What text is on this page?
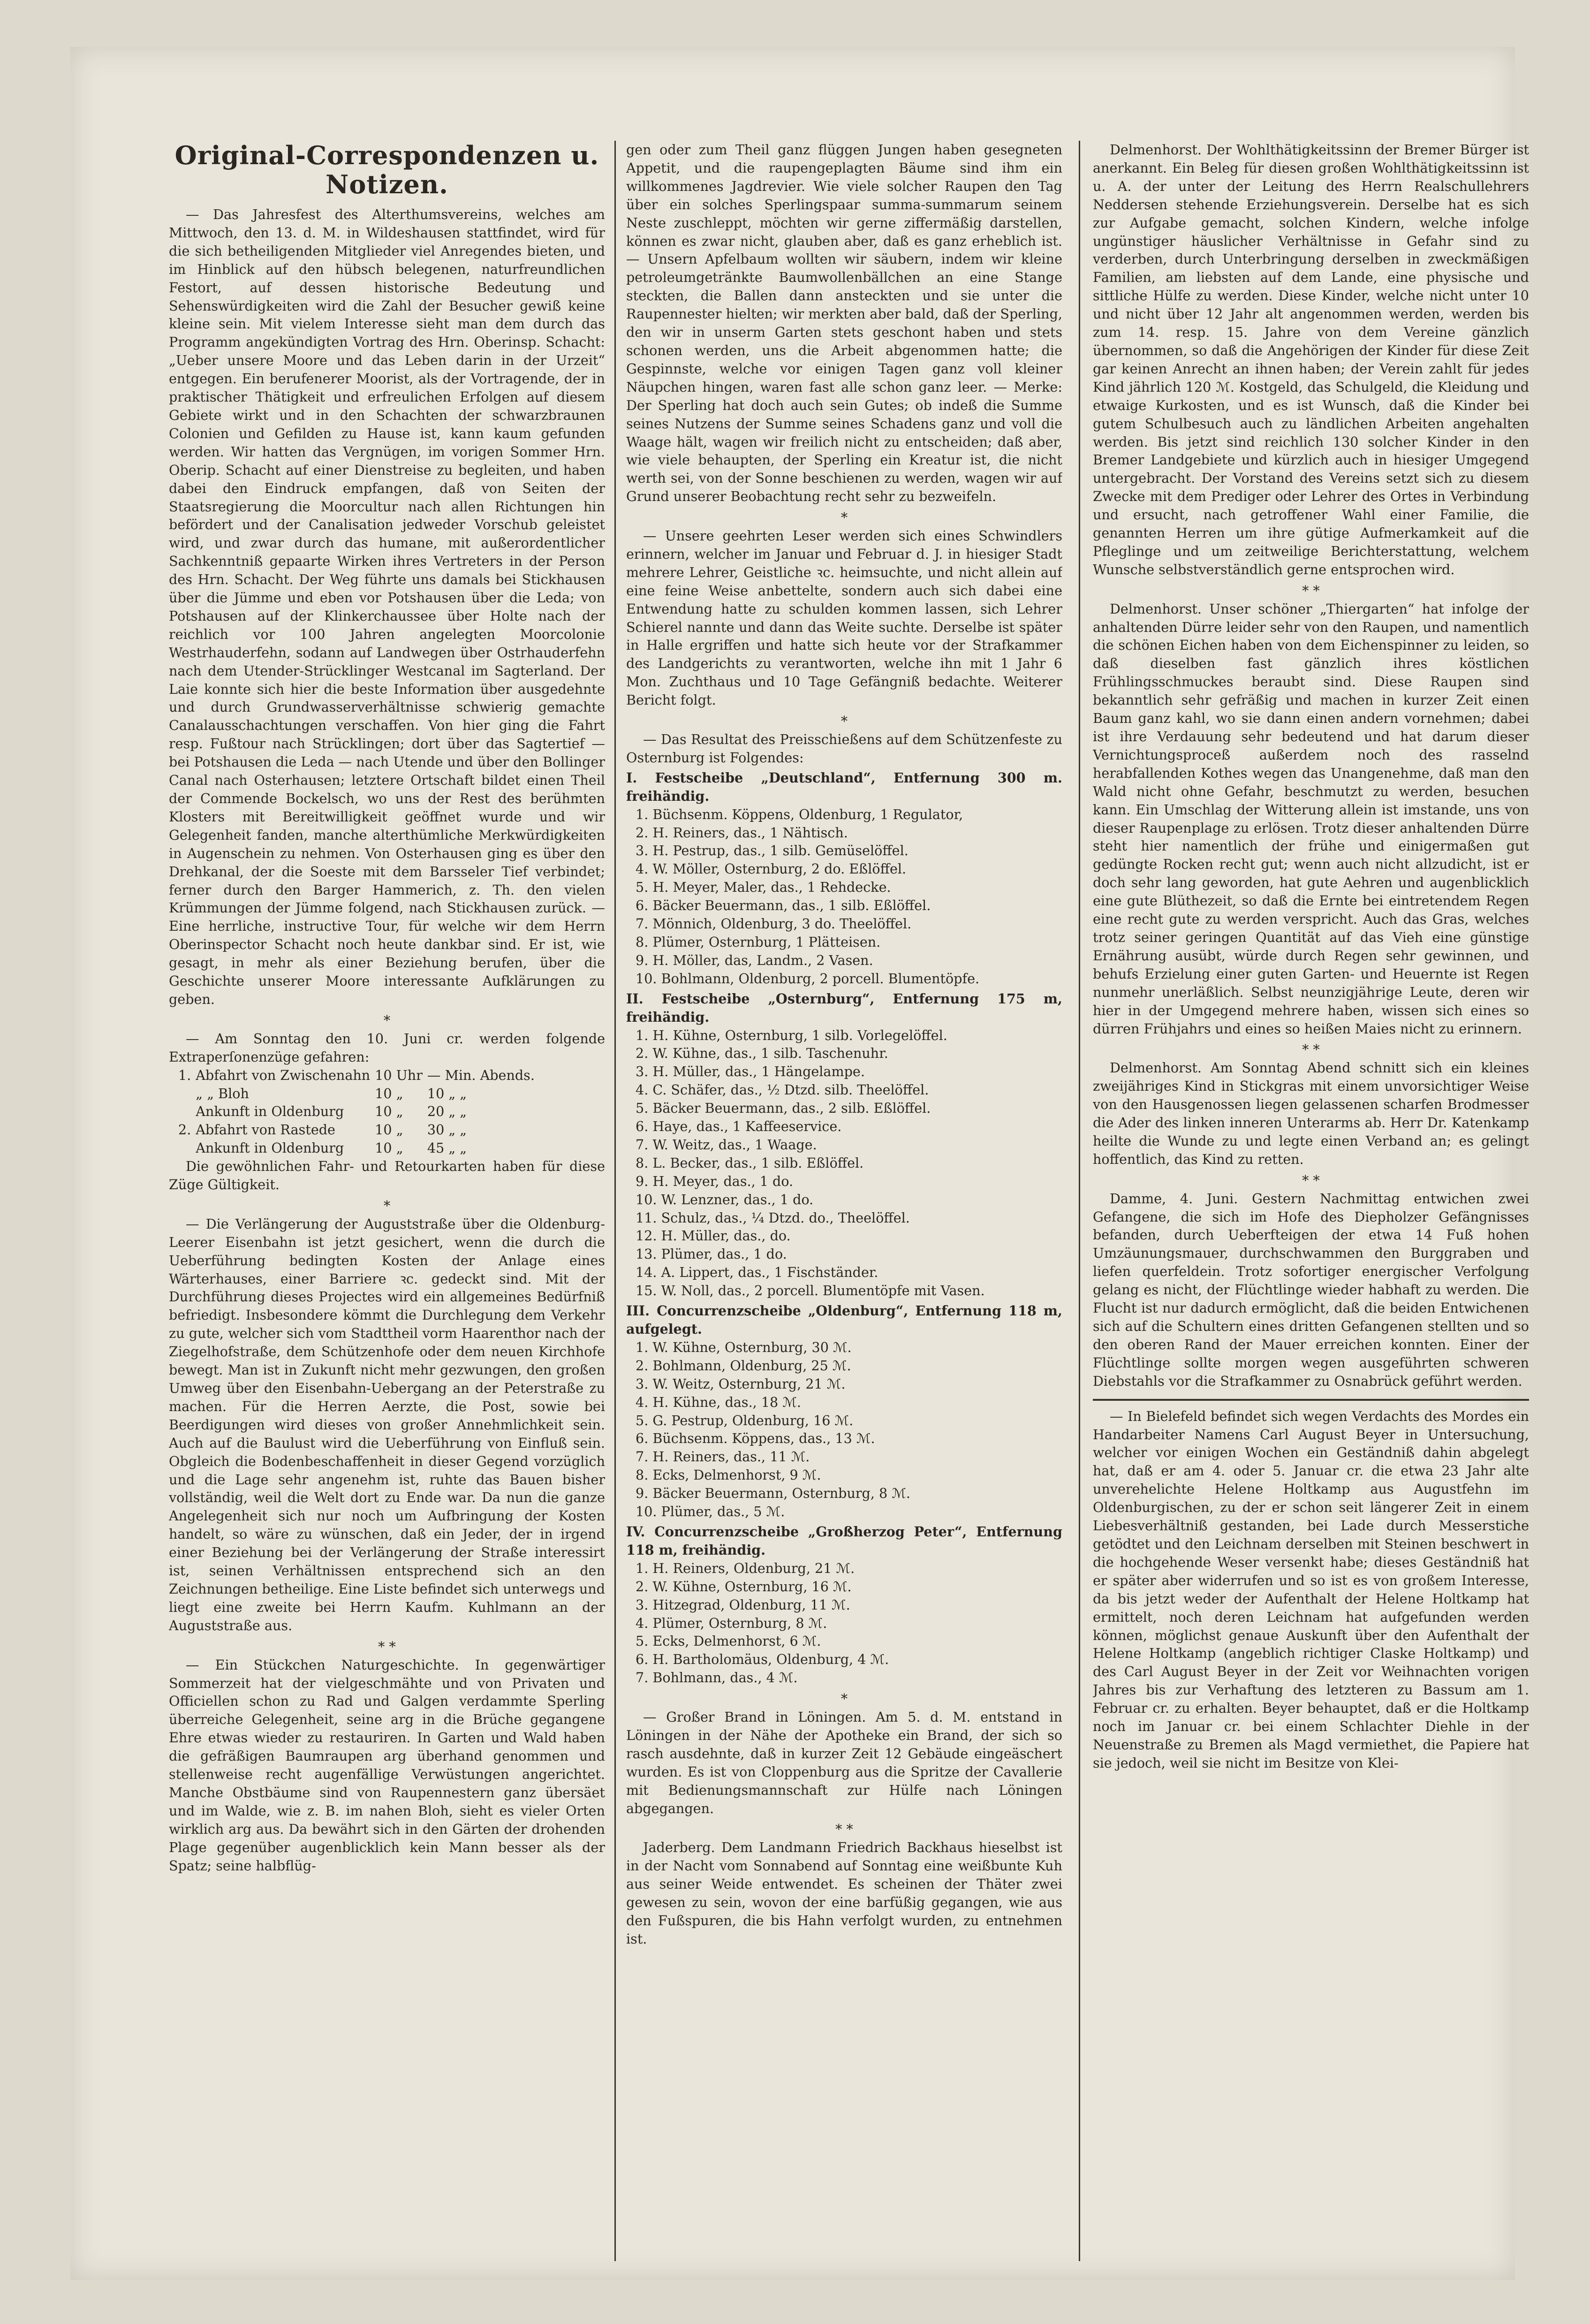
Original-Correspondenzen u. Notizen.

— Das Jahresfest des Alterthumsvereins, welches am Mittwoch, den 13. d. M. in Wildeshausen stattfindet, wird für die sich betheiligenden Mitglieder viel Anregendes bieten, und im Hinblick auf den hübsch belegenen, naturfreundlichen Festort, auf dessen historische Bedeutung und Sehenswürdigkeiten wird die Zahl der Besucher gewiß keine kleine sein. Mit vielem Interesse sieht man dem durch das Programm angekündigten Vortrag des Hrn. Oberinsp. Schacht: „Ueber unsere Moore und das Leben darin in der Urzeit“ entgegen. Ein berufenerer Moorist, als der Vortragende, der in praktischer Thätigkeit und erfreulichen Erfolgen auf diesem Gebiete wirkt und in den Schachten der schwarzbraunen Colonien und Gefilden zu Hause ist, kann kaum gefunden werden. Wir hatten das Vergnügen, im vorigen Sommer Hrn. Oberip. Schacht auf einer Dienstreise zu begleiten, und haben dabei den Eindruck empfangen, daß von Seiten der Staatsregierung die Moorcultur nach allen Richtungen hin befördert und der Canalisation jedweder Vorschub geleistet wird, und zwar durch das humane, mit außerordentlicher Sachkenntniß gepaarte Wirken ihres Vertreters in der Person des Hrn. Schacht. Der Weg führte uns damals bei Stickhausen über die Jümme und eben vor Potshausen über die Leda; von Potshausen auf der Klinkerchaussee über Holte nach der reichlich vor 100 Jahren angelegten Moorcolonie Westrhauderfehn, sodann auf Landwegen über Ostrhauderfehn nach dem Utender-Strücklinger Westcanal im Sagterland. Der Laie konnte sich hier die beste Information über ausgedehnte und durch Grundwasserverhältnisse schwierig gemachte Canalausschachtungen verschaffen. Von hier ging die Fahrt resp. Fußtour nach Strücklingen; dort über das Sagtertief — bei Potshausen die Leda — nach Utende und über den Bollinger Canal nach Osterhausen; letztere Ortschaft bildet einen Theil der Commende Bockelsch, wo uns der Rest des berühmten Klosters mit Bereitwilligkeit geöffnet wurde und wir Gelegenheit fanden, manche alterthümliche Merkwürdigkeiten in Augenschein zu nehmen. Von Osterhausen ging es über den Drehkanal, der die Soeste mit dem Barsseler Tief verbindet; ferner durch den Barger Hammerich, z. Th. den vielen Krümmungen der Jümme folgend, nach Stickhausen zurück. — Eine herrliche, instructive Tour, für welche wir dem Herrn Oberinspector Schacht noch heute dankbar sind. Er ist, wie gesagt, in mehr als einer Beziehung berufen, über die Geschichte unserer Moore interessante Aufklärungen zu geben.

*

— Am Sonntag den 10. Juni cr. werden folgende Extraperſonenzüge gefahren:

1.	Abfahrt von Zwischenahn	10 Uhr	— Min. Abends.
	„ „ Bloh	10 „	10 „ „
	Ankunft in Oldenburg	10 „	20 „ „
2.	Abfahrt von Rastede	10 „	30 „ „
	Ankunft in Oldenburg	10 „	45 „ „

Die gewöhnlichen Fahr- und Retourkarten haben für diese Züge Gültigkeit.

*

— Die Verlängerung der Auguststraße über die Oldenburg-Leerer Eisenbahn ist jetzt gesichert, wenn die durch die Ueberführung bedingten Kosten der Anlage eines Wärterhauses, einer Barriere ꝛc. gedeckt sind. Mit der Durchführung dieses Projectes wird ein allgemeines Bedürfniß befriedigt. Insbesondere kömmt die Durchlegung dem Verkehr zu gute, welcher sich vom Stadttheil vorm Haarenthor nach der Ziegelhofstraße, dem Schützenhofe oder dem neuen Kirchhofe bewegt. Man ist in Zukunft nicht mehr gezwungen, den großen Umweg über den Eisenbahn-Uebergang an der Peterstraße zu machen. Für die Herren Aerzte, die Post, sowie bei Beerdigungen wird dieses von großer Annehmlichkeit sein. Auch auf die Baulust wird die Ueberführung von Einfluß sein. Obgleich die Bodenbeschaffenheit in dieser Gegend vorzüglich und die Lage sehr angenehm ist, ruhte das Bauen bisher vollständig, weil die Welt dort zu Ende war. Da nun die ganze Angelegenheit sich nur noch um Aufbringung der Kosten handelt, so wäre zu wünschen, daß ein Jeder, der in irgend einer Beziehung bei der Verlängerung der Straße interessirt ist, seinen Verhältnissen entsprechend sich an den Zeichnungen betheilige. Eine Liste befindet sich unterwegs und liegt eine zweite bei Herrn Kaufm. Kuhlmann an der Auguststraße aus.

* *

— Ein Stückchen Naturgeschichte. In gegenwärtiger Sommerzeit hat der vielgeschmähte und von Privaten und Officiellen schon zu Rad und Galgen verdammte Sperling überreiche Gelegenheit, seine arg in die Brüche gegangene Ehre etwas wieder zu restauriren. In Garten und Wald haben die gefräßigen Baumraupen arg überhand genommen und stellenweise recht augenfällige Verwüstungen angerichtet. Manche Obstbäume sind von Raupennestern ganz übersäet und im Walde, wie z. B. im nahen Bloh, sieht es vieler Orten wirklich arg aus. Da bewährt sich in den Gärten der drohenden Plage gegenüber augenblicklich kein Mann besser als der Spatz; seine halbflüg-

gen oder zum Theil ganz flüggen Jungen haben gesegneten Appetit, und die raupengeplagten Bäume sind ihm ein willkommenes Jagdrevier. Wie viele solcher Raupen den Tag über ein solches Sperlingspaar summa-summarum seinem Neste zuschleppt, möchten wir gerne ziffermäßig darstellen, können es zwar nicht, glauben aber, daß es ganz erheblich ist. — Unsern Apfelbaum wollten wir säubern, indem wir kleine petroleumgetränkte Baumwollenbällchen an eine Stange steckten, die Ballen dann ansteckten und sie unter die Raupennester hielten; wir merkten aber bald, daß der Sperling, den wir in unserm Garten stets geschont haben und stets schonen werden, uns die Arbeit abgenommen hatte; die Gespinnste, welche vor einigen Tagen ganz voll kleiner Näupchen hingen, waren fast alle schon ganz leer. — Merke: Der Sperling hat doch auch sein Gutes; ob indeß die Summe seines Nutzens der Summe seines Schadens ganz und voll die Waage hält, wagen wir freilich nicht zu entscheiden; daß aber, wie viele behaupten, der Sperling ein Kreatur ist, die nicht werth sei, von der Sonne beschienen zu werden, wagen wir auf Grund unserer Beobachtung recht sehr zu bezweifeln.

*

— Unsere geehrten Leser werden sich eines Schwindlers erinnern, welcher im Januar und Februar d. J. in hiesiger Stadt mehrere Lehrer, Geistliche ꝛc. heimsuchte, und nicht allein auf eine feine Weise anbettelte, sondern auch sich dabei eine Entwendung hatte zu schulden kommen lassen, sich Lehrer Schierel nannte und dann das Weite suchte. Derselbe ist später in Halle ergriffen und hatte sich heute vor der Strafkammer des Landgerichts zu verantworten, welche ihn mit 1 Jahr 6 Mon. Zuchthaus und 10 Tage Gefängniß bedachte. Weiterer Bericht folgt.

*

— Das Resultat des Preisschießens auf dem Schützenfeste zu Osternburg ist Folgendes:

I. Festscheibe „Deutschland“, Entfernung 300 m. freihändig.

1. Büchsenm. Köppens, Oldenburg, 1 Regulator,
2. H. Reiners, das., 1 Nähtisch.
3. H. Pestrup, das., 1 silb. Gemüselöffel.
4. W. Möller, Osternburg, 2 do. Eßlöffel.
5. H. Meyer, Maler, das., 1 Rehdecke.
6. Bäcker Beuermann, das., 1 silb. Eßlöffel.
7. Mönnich, Oldenburg, 3 do. Theelöffel.
8. Plümer, Osternburg, 1 Plätteisen.
9. H. Möller, das, Landm., 2 Vasen.
10. Bohlmann, Oldenburg, 2 porcell. Blumentöpfe.

II. Festscheibe „Osternburg“, Entfernung 175 m, freihändig.

1. H. Kühne, Osternburg, 1 silb. Vorlegelöffel.
2. W. Kühne, das., 1 silb. Taschenuhr.
3. H. Müller, das., 1 Hängelampe.
4. C. Schäfer, das., ½ Dtzd. silb. Theelöffel.
5. Bäcker Beuermann, das., 2 silb. Eßlöffel.
6. Haye, das., 1 Kaffeeservice.
7. W. Weitz, das., 1 Waage.
8. L. Becker, das., 1 silb. Eßlöffel.
9. H. Meyer, das., 1 do.
10. W. Lenzner, das., 1 do.
11. Schulz, das., ¼ Dtzd. do., Theelöffel.
12. H. Müller, das., do.
13. Plümer, das., 1 do.
14. A. Lippert, das., 1 Fischständer.
15. W. Noll, das., 2 porcell. Blumentöpfe mit Vasen.

III. Concurrenzscheibe „Oldenburg“, Entfernung 118 m, aufgelegt.

1. W. Kühne, Osternburg, 30 ℳ.
2. Bohlmann, Oldenburg, 25 ℳ.
3. W. Weitz, Osternburg, 21 ℳ.
4. H. Kühne, das., 18 ℳ.
5. G. Pestrup, Oldenburg, 16 ℳ.
6. Büchsenm. Köppens, das., 13 ℳ.
7. H. Reiners, das., 11 ℳ.
8. Ecks, Delmenhorst, 9 ℳ.
9. Bäcker Beuermann, Osternburg, 8 ℳ.
10. Plümer, das., 5 ℳ.

IV. Concurrenzscheibe „Großherzog Peter“, Entfernung 118 m, freihändig.

1. H. Reiners, Oldenburg, 21 ℳ.
2. W. Kühne, Osternburg, 16 ℳ.
3. Hitzegrad, Oldenburg, 11 ℳ.
4. Plümer, Osternburg, 8 ℳ.
5. Ecks, Delmenhorst, 6 ℳ.
6. H. Bartholomäus, Oldenburg, 4 ℳ.
7. Bohlmann, das., 4 ℳ.

*

— Großer Brand in Löningen. Am 5. d. M. entstand in Löningen in der Nähe der Apotheke ein Brand, der sich so rasch ausdehnte, daß in kurzer Zeit 12 Gebäude eingeäschert wurden. Es ist von Cloppenburg aus die Spritze der Cavallerie mit Bedienungsmannschaft zur Hülfe nach Löningen abgegangen.

* *

Jaderberg. Dem Landmann Friedrich Backhaus hieselbst ist in der Nacht vom Sonnabend auf Sonntag eine weißbunte Kuh aus seiner Weide entwendet. Es scheinen der Thäter zwei gewesen zu sein, wovon der eine barfüßig gegangen, wie aus den Fußspuren, die bis Hahn verfolgt wurden, zu entnehmen ist.

Delmenhorst. Der Wohlthätigkeitssinn der Bremer Bürger ist anerkannt. Ein Beleg für diesen großen Wohlthätigkeitssinn ist u. A. der unter der Leitung des Herrn Realschullehrers Neddersen stehende Erziehungsverein. Derselbe hat es sich zur Aufgabe gemacht, solchen Kindern, welche infolge ungünstiger häuslicher Verhältnisse in Gefahr sind zu verderben, durch Unterbringung derselben in zweckmäßigen Familien, am liebsten auf dem Lande, eine physische und sittliche Hülfe zu werden. Diese Kinder, welche nicht unter 10 und nicht über 12 Jahr alt angenommen werden, werden bis zum 14. resp. 15. Jahre von dem Vereine gänzlich übernommen, so daß die Angehörigen der Kinder für diese Zeit gar keinen Anrecht an ihnen haben; der Verein zahlt für jedes Kind jährlich 120 ℳ. Kostgeld, das Schulgeld, die Kleidung und etwaige Kurkosten, und es ist Wunsch, daß die Kinder bei gutem Schulbesuch auch zu ländlichen Arbeiten angehalten werden. Bis jetzt sind reichlich 130 solcher Kinder in den Bremer Landgebiete und kürzlich auch in hiesiger Umgegend untergebracht. Der Vorstand des Vereins setzt sich zu diesem Zwecke mit dem Prediger oder Lehrer des Ortes in Verbindung und ersucht, nach getroffener Wahl einer Familie, die genannten Herren um ihre gütige Aufmerkamkeit auf die Pfleglinge und um zeitweilige Berichterstattung, welchem Wunsche selbstverständlich gerne entsprochen wird.

* *

Delmenhorst. Unser schöner „Thiergarten“ hat infolge der anhaltenden Dürre leider sehr von den Raupen, und namentlich die schönen Eichen haben von dem Eichenspinner zu leiden, so daß dieselben fast gänzlich ihres köstlichen Frühlingsschmuckes beraubt sind. Diese Raupen sind bekanntlich sehr gefräßig und machen in kurzer Zeit einen Baum ganz kahl, wo sie dann einen andern vornehmen; dabei ist ihre Verdauung sehr bedeutend und hat darum dieser Vernichtungsproceß außerdem noch des rasselnd herabfallenden Kothes wegen das Unangenehme, daß man den Wald nicht ohne Gefahr, beschmutzt zu werden, besuchen kann. Ein Umschlag der Witterung allein ist imstande, uns von dieser Raupenplage zu erlösen. Trotz dieser anhaltenden Dürre steht hier namentlich der frühe und einigermaßen gut gedüngte Rocken recht gut; wenn auch nicht allzudicht, ist er doch sehr lang geworden, hat gute Aehren und augenblicklich eine gute Blüthezeit, so daß die Ernte bei eintretendem Regen eine recht gute zu werden verspricht. Auch das Gras, welches trotz seiner geringen Quantität auf das Vieh eine günstige Ernährung ausübt, würde durch Regen sehr gewinnen, und behufs Erzielung einer guten Garten- und Heuernte ist Regen nunmehr unerläßlich. Selbst neunzigjährige Leute, deren wir hier in der Umgegend mehrere haben, wissen sich eines so dürren Frühjahrs und eines so heißen Maies nicht zu erinnern.

* *

Delmenhorst. Am Sonntag Abend schnitt sich ein kleines zweijähriges Kind in Stickgras mit einem unvorsichtiger Weise von den Hausgenossen liegen gelassenen scharfen Brodmesser die Ader des linken inneren Unterarms ab. Herr Dr. Katenkamp heilte die Wunde zu und legte einen Verband an; es gelingt hoffentlich, das Kind zu retten.

* *

Damme, 4. Juni. Gestern Nachmittag entwichen zwei Gefangene, die sich im Hofe des Diepholzer Gefängnisses befanden, durch Ueberfteigen der etwa 14 Fuß hohen Umzäunungsmauer, durchschwammen den Burggraben und liefen querfeldein. Trotz sofortiger energischer Verfolgung gelang es nicht, der Flüchtlinge wieder habhaft zu werden. Die Flucht ist nur dadurch ermöglicht, daß die beiden Entwichenen sich auf die Schultern eines dritten Gefangenen stellten und so den oberen Rand der Mauer erreichen konnten. Einer der Flüchtlinge sollte morgen wegen ausgeführten schweren Diebstahls vor die Strafkammer zu Osnabrück geführt werden.

— In Bielefeld befindet sich wegen Verdachts des Mordes ein Handarbeiter Namens Carl August Beyer in Untersuchung, welcher vor einigen Wochen ein Geständniß dahin abgelegt hat, daß er am 4. oder 5. Januar cr. die etwa 23 Jahr alte unverehelichte Helene Holtkamp aus Augustfehn im Oldenburgischen, zu der er schon seit längerer Zeit in einem Liebesverhältniß gestanden, bei Lade durch Messerstiche getödtet und den Leichnam derselben mit Steinen beschwert in die hochgehende Weser versenkt habe; dieses Geständniß hat er später aber widerrufen und so ist es von großem Interesse, da bis jetzt weder der Aufenthalt der Helene Holtkamp hat ermittelt, noch deren Leichnam hat aufgefunden werden können, möglichst genaue Auskunft über den Aufenthalt der Helene Holtkamp (angeblich richtiger Claske Holtkamp) und des Carl August Beyer in der Zeit vor Weihnachten vorigen Jahres bis zur Verhaftung des letzteren zu Bassum am 1. Februar cr. zu erhalten. Beyer behauptet, daß er die Holtkamp noch im Januar cr. bei einem Schlachter Diehle in der Neuenstraße zu Bremen als Magd vermiethet, die Papiere hat sie jedoch, weil sie nicht im Besitze von Klei-
